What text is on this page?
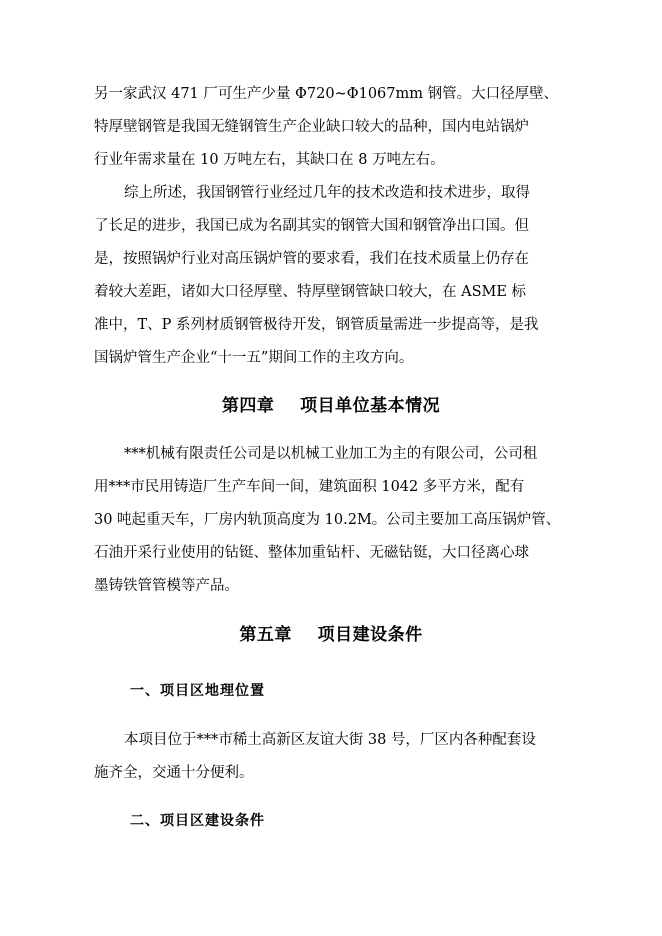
另一家武汉 471 厂可生产少量 Φ720~Φ1067mm 钢管。大口径厚壁、
特厚壁钢管是我国无缝钢管生产企业缺口较大的品种，国内电站锅炉
行业年需求量在 10 万吨左右，其缺口在 8 万吨左右。
综上所述，我国钢管行业经过几年的技术改造和技术进步，取得
了长足的进步，我国已成为名副其实的钢管大国和钢管净出口国。但
是，按照锅炉行业对高压锅炉管的要求看，我们在技术质量上仍存在
着较大差距，诸如大口径厚壁、特厚壁钢管缺口较大，在 ASME 标
准中，T、P 系列材质钢管极待开发，钢管质量需进一步提高等，是我
国锅炉管生产企业“十一五”期间工作的主攻方向。
第四章    项目单位基本情况
***机械有限责任公司是以机械工业加工为主的有限公司，公司租
用***市民用铸造厂生产车间一间，建筑面积 1042 多平方米，配有
30 吨起重天车，厂房内轨顶高度为 10.2M。公司主要加工高压锅炉管、
石油开采行业使用的钻铤、整体加重钻杆、无磁钻铤，大口径离心球
墨铸铁管管模等产品。
第五章    项目建设条件
一、项目区地理位置
本项目位于***市稀土高新区友谊大街 38 号，厂区内各种配套设
施齐全，交通十分便利。
二、项目区建设条件
